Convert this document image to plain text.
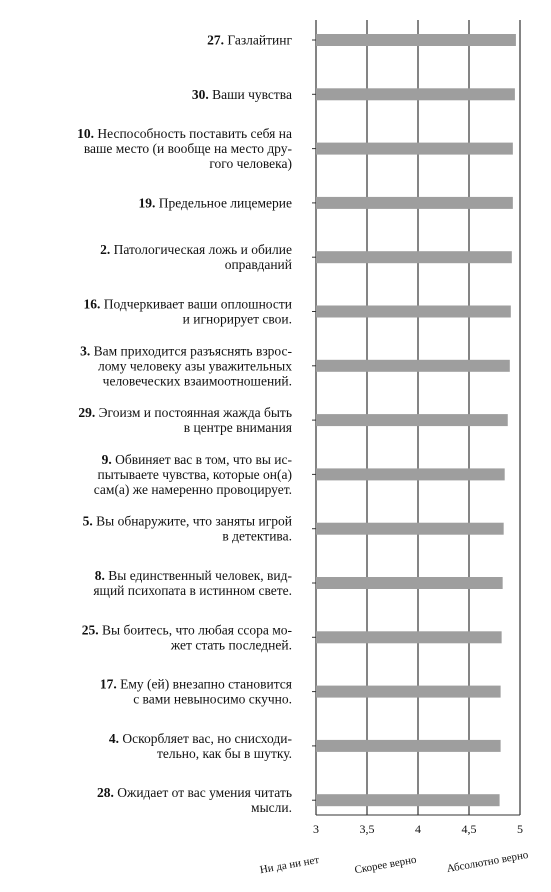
27. Газлайтинг
30. Ваши чувства
10. Неспособность поставить себя на
ваше место (и вообще на место дру-
гого человека)
19. Предельное лицемерие
2. Патологическая ложь и обилие
оправданий
16. Подчеркивает ваши оплошности
и игнорирует свои.
3. Вам приходится разъяснять взрос-
лому человеку азы уважительных
человеческих взаимоотношений.
29. Эгоизм и постоянная жажда быть
в центре внимания
9. Обвиняет вас в том, что вы ис-
пытываете чувства, которые он(а)
сам(а) же намеренно провоцирует.
5. Вы обнаружите, что заняты игрой
в детектива.
8. Вы единственный человек, вид-
ящий психопата в истинном свете.
25. Вы боитесь, что любая ссора мо-
жет стать последней.
17. Ему (ей) внезапно становится
с вами невыносимо скучно.
4. Оскорбляет вас, но снисходи-
тельно, как бы в шутку.
28. Ожидает от вас умения читать
мысли.
3	3,5	4	4,5	5
Ни да ни нет	Скорее верно	Абсолютно верно
